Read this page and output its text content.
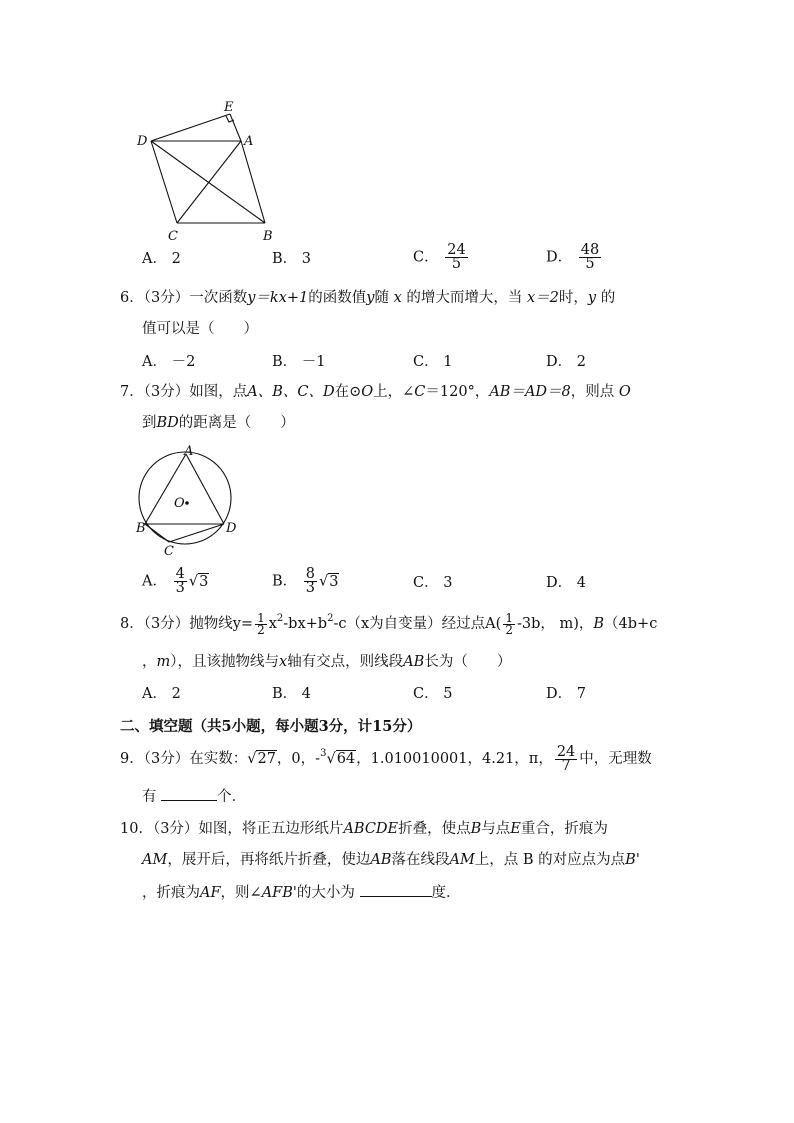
E
D	A
C	B
A． 2	B． 3	C． $\frac{24}{5}$	D． $\frac{48}{5}$
6．（3分）一次函数y＝kx+1的函数值y随 x 的增大而增大，当 x＝2时，y 的
值可以是（　　）
A． －2	B． －1	C． 1	D． 2
7．（3分）如图，点A、B、C、D在⊙O上，∠C＝120°，AB＝AD＝8，则点 O
到BD的距离是（　　）
A
O
B	D
C
A． $\frac{4}{3} √3$	B． $\frac{8}{3} √3$	C． 3	D． 4
8．（3分）抛物线$y= \frac{1}{2} x^2-bx+b^2-c(x$为自变量）经过点$A( \frac{1}{2} -3b$， m)，B（4b+c
，m），且该抛物线与x轴有交点，则线段AB长为（　　）
A． 2	B． 4	C． 5	D． 7
二、填空题（共5小题，每小题3分，计15分）
9．（3分）在实数：√27，0，-$^3$√64，1.010010001，4.21，π， $\frac{24}{7}$ 中，无理数
有	个．
10．（3分）如图，将正五边形纸片ABCDE折叠，使点B与点E重合，折痕为
AM，展开后，再将纸片折叠，使边AB落在线段AM上，点 B 的对应点为点B'
，折痕为AF，则∠AFB'的大小为	度．
